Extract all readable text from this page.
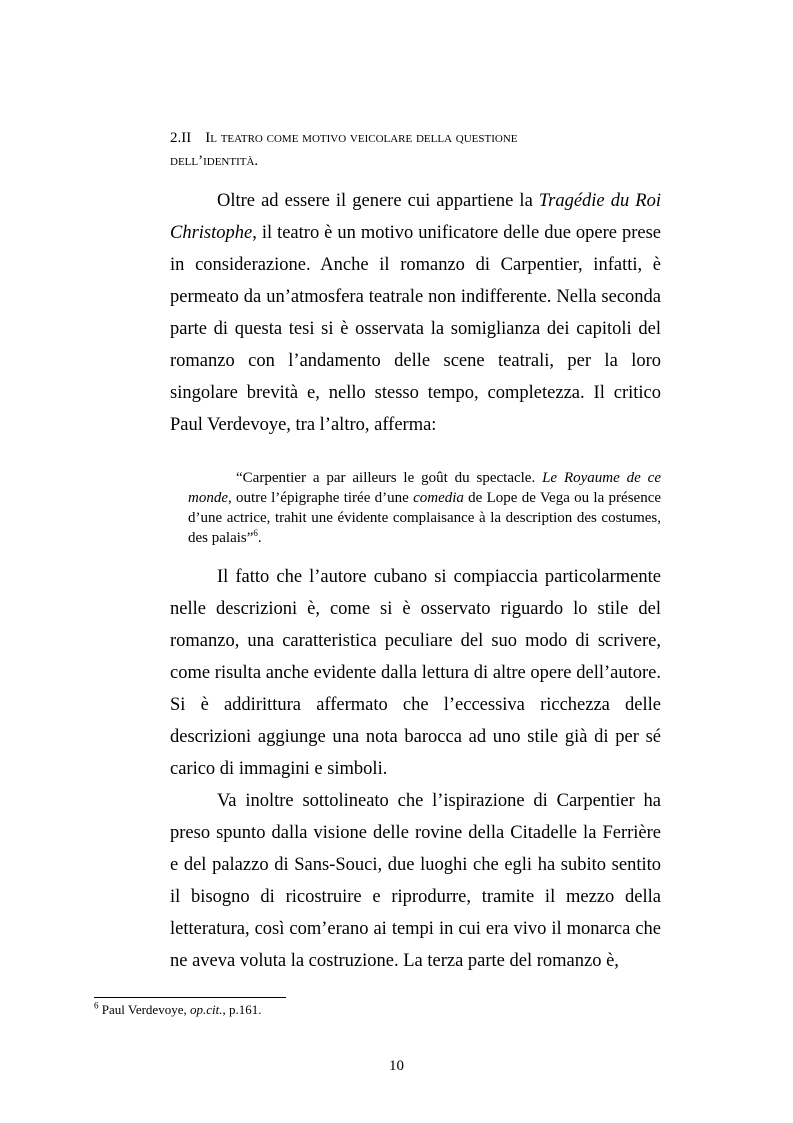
2.II Il teatro come motivo veicolare della questione
dell’identità.

Oltre ad essere il genere cui appartiene la Tragédie du Roi Christophe, il teatro è un motivo unificatore delle due opere prese in considerazione. Anche il romanzo di Carpentier, infatti, è permeato da un’atmosfera teatrale non indifferente. Nella seconda parte di questa tesi si è osservata la somiglianza dei capitoli del romanzo con l’andamento delle scene teatrali, per la loro singolare brevità e, nello stesso tempo, completezza. Il critico Paul Verdevoye, tra l’altro, afferma:

“Carpentier a par ailleurs le goût du spectacle. Le Royaume de ce monde, outre l’épigraphe tirée d’une comedia de Lope de Vega ou la présence d’une actrice, trahit une évidente complaisance à la description des costumes, des palais”$^6$.

Il fatto che l’autore cubano si compiaccia particolarmente nelle descrizioni è, come si è osservato riguardo lo stile del romanzo, una caratteristica peculiare del suo modo di scrivere, come risulta anche evidente dalla lettura di altre opere dell’autore. Si è addirittura affermato che l’eccessiva ricchezza delle descrizioni aggiunge una nota barocca ad uno stile già di per sé carico di immagini e simboli.

Va inoltre sottolineato che l’ispirazione di Carpentier ha preso spunto dalla visione delle rovine della Citadelle la Ferrière e del palazzo di Sans-Souci, due luoghi che egli ha subito sentito il bisogno di ricostruire e riprodurre, tramite il mezzo della letteratura, così com’erano ai tempi in cui era vivo il monarca che ne aveva voluta la costruzione. La terza parte del romanzo è,

$^6$ Paul Verdevoye, op.cit., p.161.
10
